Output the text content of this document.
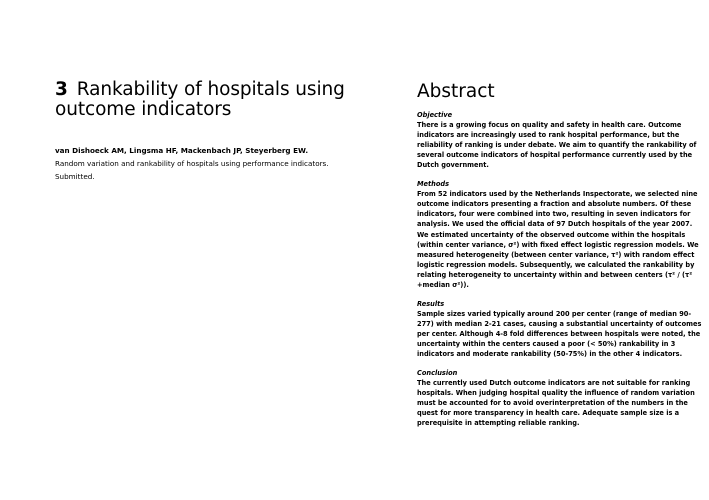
3 Rankability of hospitals using outcome indicators
van Dishoeck AM, Lingsma HF, Mackenbach JP, Steyerberg EW.
Random variation and rankability of hospitals using performance indicators. Submitted.
Abstract
Objective
There is a growing focus on quality and safety in health care. Outcome indicators are increasingly used to rank hospital performance, but the reliability of ranking is under debate. We aim to quantify the rankability of several outcome indicators of hospital performance currently used by the Dutch government.
Methods
From 52 indicators used by the Netherlands Inspectorate, we selected nine outcome indicators presenting a fraction and absolute numbers. Of these indicators, four were combined into two, resulting in seven indicators for analysis. We used the official data of 97 Dutch hospitals of the year 2007. We estimated uncertainty of the observed outcome within the hospitals (within center variance, σ²) with fixed effect logistic regression models. We measured heterogeneity (between center variance, τ²) with random effect logistic regression models. Subsequently, we calculated the rankability by relating heterogeneity to uncertainty within and between centers (τ² / (τ² +median σ²)).
Results
Sample sizes varied typically around 200 per center (range of median 90-277) with median 2-21 cases, causing a substantial uncertainty of outcomes per center. Although 4-8 fold differences between hospitals were noted, the uncertainty within the centers caused a poor (< 50%) rankability in 3 indicators and moderate rankability (50-75%) in the other 4 indicators.
Conclusion
The currently used Dutch outcome indicators are not suitable for ranking hospitals. When judging hospital quality the influence of random variation must be accounted for to avoid overinterpretation of the numbers in the quest for more transparency in health care. Adequate sample size is a prerequisite in attempting reliable ranking.
